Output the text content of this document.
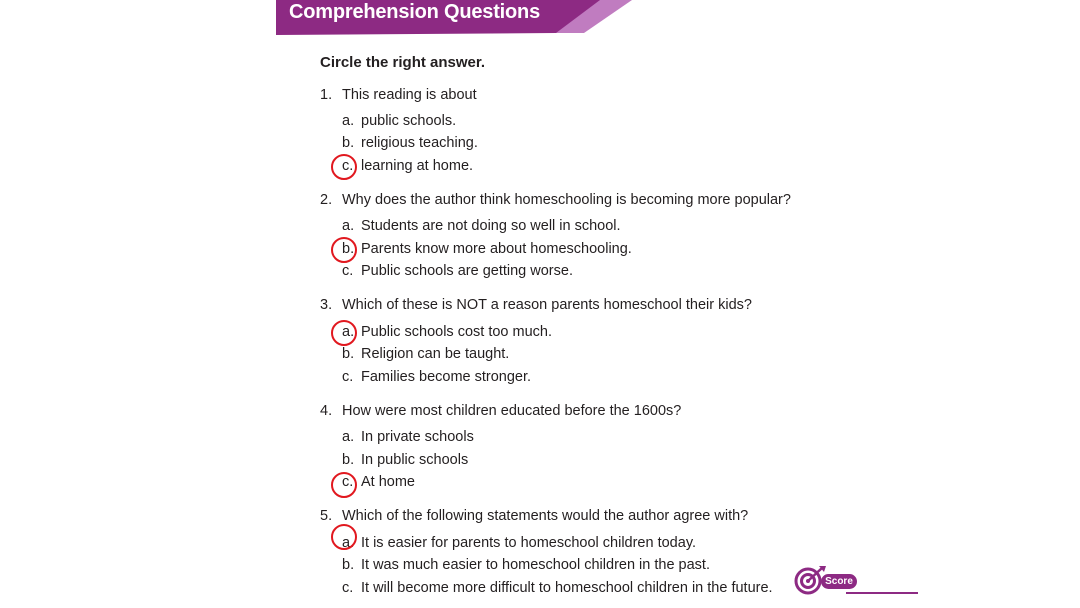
Comprehension Questions
Circle the right answer.
1. This reading is about
a. public schools.
b. religious teaching.
c. learning at home.
2. Why does the author think homeschooling is becoming more popular?
a. Students are not doing so well in school.
b. Parents know more about homeschooling.
c. Public schools are getting worse.
3. Which of these is NOT a reason parents homeschool their kids?
a. Public schools cost too much.
b. Religion can be taught.
c. Families become stronger.
4. How were most children educated before the 1600s?
a. In private schools
b. In public schools
c. At home
5. Which of the following statements would the author agree with?
a. It is easier for parents to homeschool children today.
b. It was much easier to homeschool children in the past.
c. It will become more difficult to homeschool children in the future.	Score
